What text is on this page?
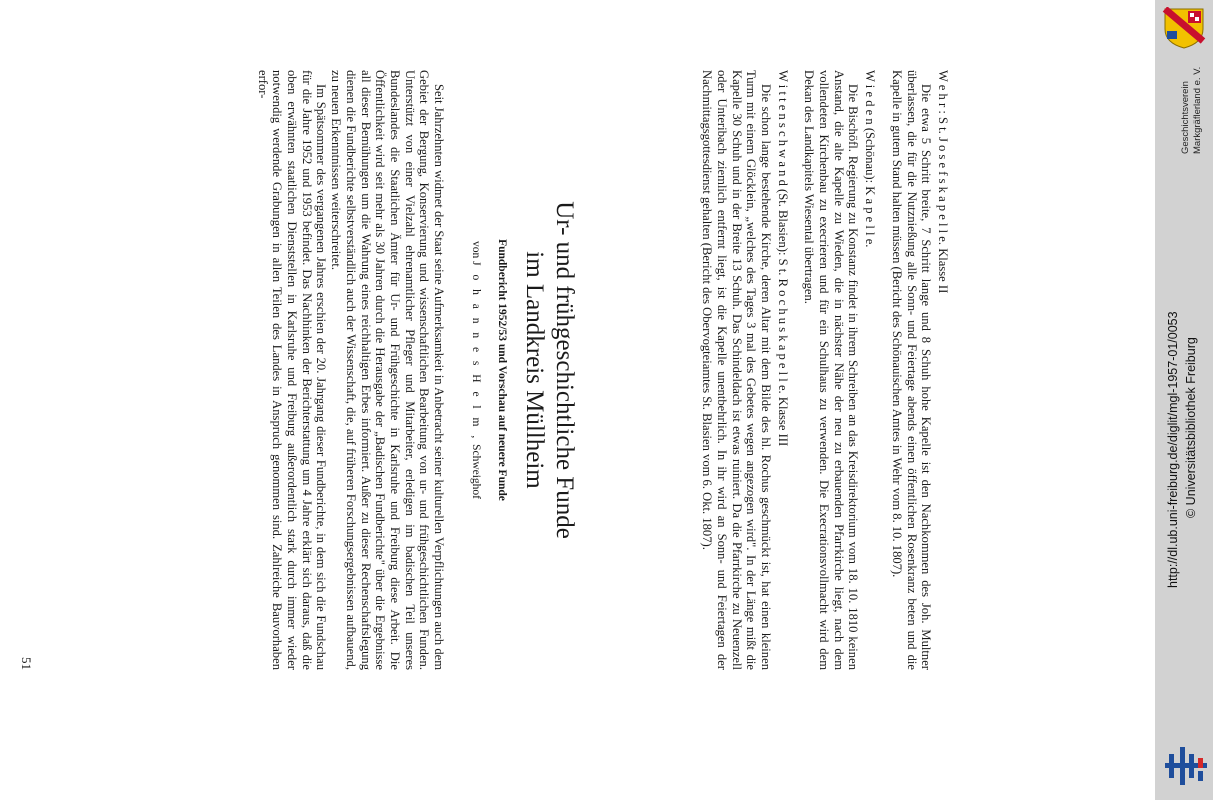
W e h r : S t. J o s e f s k a p e l l e. Klasse II

Die etwa 5 Schritt breite, 7 Schritt lange und 8 Schuh hohe Kapelle ist den Nachkommen des Joh. Multner überlassen, die für die Nutznießung alle Sonn- und Feiertage abends einen öffentlichen Rosenkranz beten und die Kapelle in gutem Stand halten müssen (Bericht des Schönauischen Amtes in Wehr vom 8. 10. 1807).

W i e d e n (Schönau): K a p e l l e.

Die Bischöfl. Regierung zu Konstanz findet in ihrem Schreiben an das Kreisdirektorium vom 18. 10. 1810 keinen Anstand, die alte Kapelle zu Wieden, die in nächster Nähe der neu zu erbauenden Pfarrkirche liegt, nach dem vollendeten Kirchenbau zu execrieren und für ein Schulhaus zu verwenden. Die Execrationsvollmacht wird dem Dekan des Landkapitels Wiesental übertragen.

W i t t e n s c h w a n d (St. Blasien): S t. R o c h u s k a p e l l e. Klasse III

Die schon lange bestehende Kirche, deren Altar mit dem Bilde des hl. Rochus geschmückt ist, hat einen kleinen Turm mit einem Glöcklein, „welches des Tages 3 mal des Gebetes wegen angezogen wird". In der Länge mißt die Kapelle 30 Schuh und in der Breite 13 Schuh. Das Schindeldach ist etwas ruiniert. Da die Pfarrkirche zu Neuenzell oder Unteribach ziemlich entfernt liegt, ist die Kapelle unentbehrlich. In ihr wird an Sonn- und Feiertagen der Nachmittagsgottesdienst gehalten (Bericht des Obervogteiamtes St. Blasien vom 6. Okt. 1807).

Ur- und frühgeschichtliche Funde
im Landkreis Müllheim
Fundbericht 1952/53 und Vorschau auf neuere Funde
von J o h a n n e s H e l m , Schweighof

Seit Jahrzehnten widmet der Staat seine Aufmerksamkeit in Anbetracht seiner kulturellen Verpflichtungen auch dem Gebiet der Bergung, Konservierung und wissenschaftlichen Bearbeitung von ur- und frühgeschichtlichen Funden. Unterstützt von einer Vielzahl ehrenamtlicher Pfleger und Mitarbeiter, erledigen im badischen Teil unseres Bundeslandes die Staatlichen Ämter für Ur- und Frühgeschichte in Karlsruhe und Freiburg diese Arbeit. Die Öffentlichkeit wird seit mehr als 30 Jahren durch die Herausgabe der „Badischen Fundberichte" über die Ergebnisse all dieser Bemühungen um die Wahrung eines reichhaltigen Erbes informiert. Außer zu dieser Rechenschaftslegung dienen die Fundberichte selbstverständlich auch der Wissenschaft, die, auf früheren Forschungsergebnissen aufbauend, zu neuen Erkenntnissen weiterschreitet.

Im Spätsommer des vergangenen Jahres erschien der 20. Jahrgang dieser Fundberichte, in dem sich die Fundschau für die Jahre 1952 und 1953 befindet. Das Nachhinken der Berichterstattung um 4 Jahre erklärt sich daraus, daß die oben erwähnten staatlichen Dienststellen in Karlsruhe und Freiburg außerordentlich stark durch immer wieder notwendig werdende Grabungen in allen Teilen des Landes in Anspruch genommen sind. Zahlreiche Bauvorhaben erfor-

51
Geschichtsverein Markgräflerland e. V.
http://dl.ub.uni-freiburg.de/diglit/mgl-1957-01/0053 © Universitätsbibliothek Freiburg
